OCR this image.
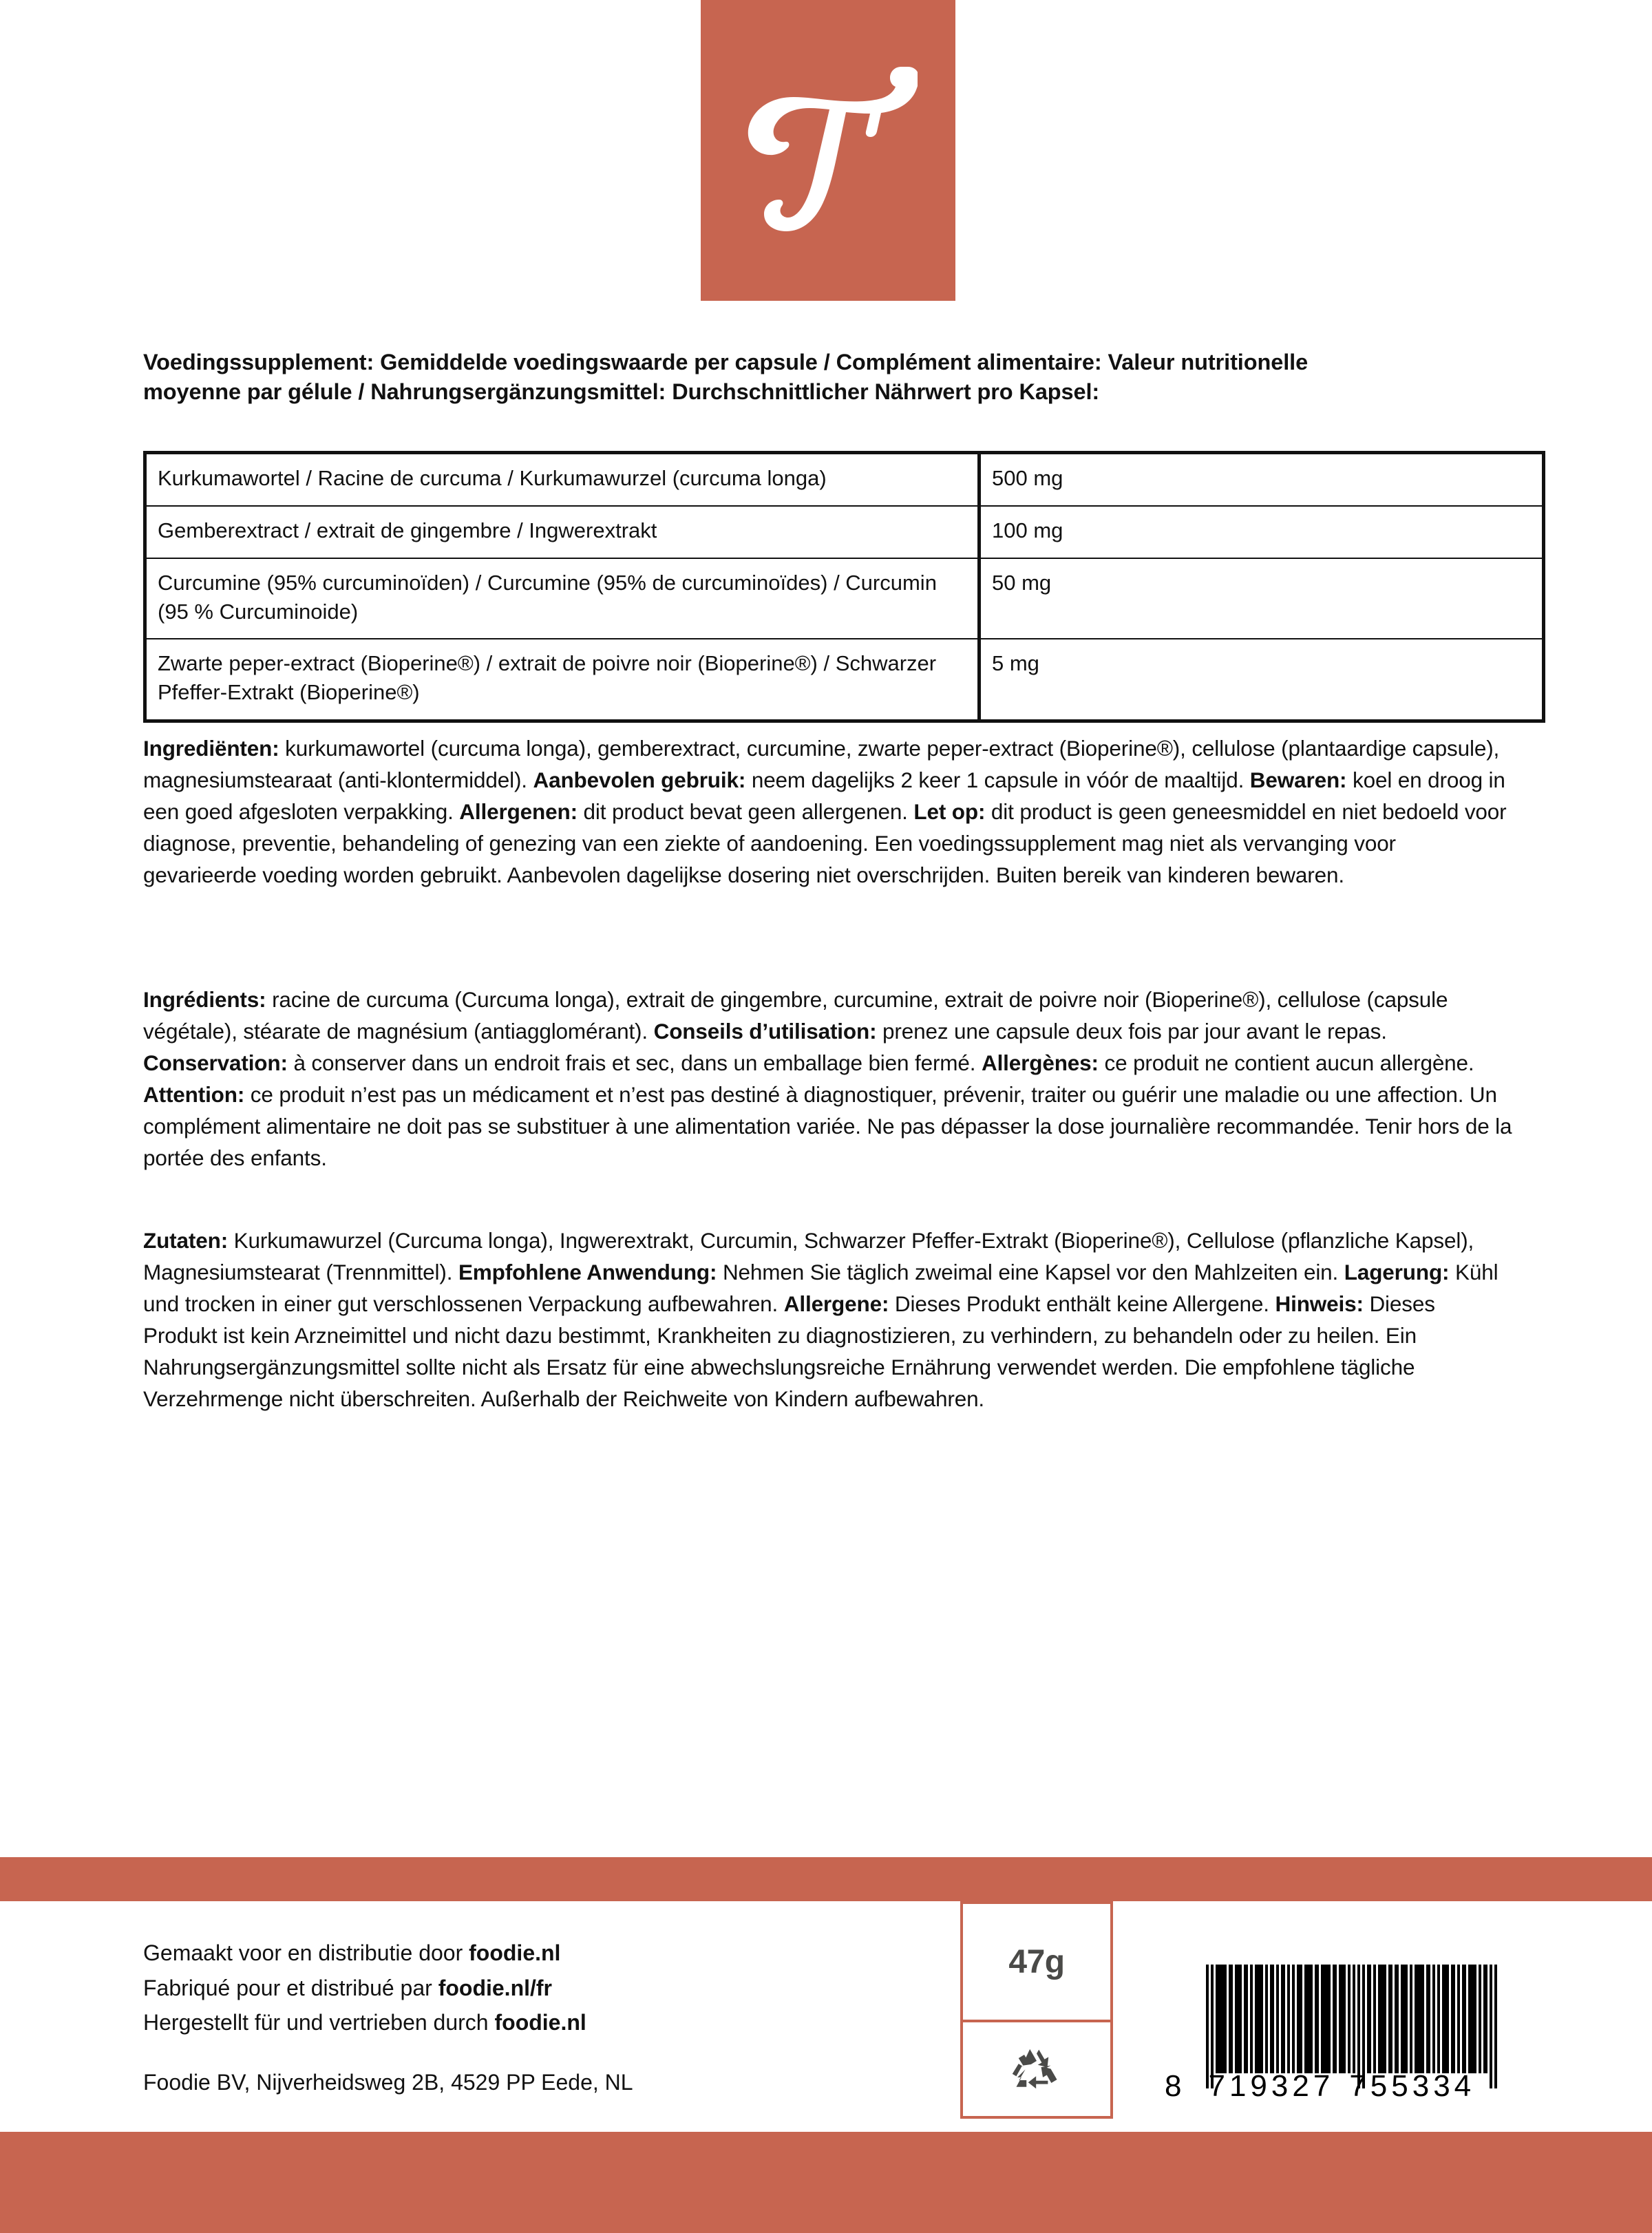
Voedingssupplement: Gemiddelde voedingswaarde per capsule / Complément alimentaire: Valeur nutritionelle moyenne par gélule / Nahrungsergänzungsmittel: Durchschnittlicher Nährwert pro Kapsel:
Kurkumawortel / Racine de curcuma / Kurkumawurzel (curcuma longa)	500 mg
Gemberextract / extrait de gingembre / Ingwerextrakt	100 mg
Curcumine (95% curcuminoïden) / Curcumine (95% de curcuminoïdes) / Curcumin (95 % Curcuminoide)	50 mg
Zwarte peper-extract (Bioperine®) / extrait de poivre noir (Bioperine®) / Schwarzer Pfeffer-Extrakt (Bioperine®)	5 mg
Ingrediënten: kurkumawortel (curcuma longa), gemberextract, curcumine, zwarte peper-extract (Bioperine®), cellulose (plantaardige capsule), magnesiumstearaat (anti-klontermiddel). Aanbevolen gebruik: neem dagelijks 2 keer 1 capsule in vóór de maaltijd. Bewaren: koel en droog in een goed afgesloten verpakking. Allergenen: dit product bevat geen allergenen. Let op: dit product is geen geneesmiddel en niet bedoeld voor diagnose, preventie, behandeling of genezing van een ziekte of aandoening. Een voedingssupplement mag niet als vervanging voor gevarieerde voeding worden gebruikt. Aanbevolen dagelijkse dosering niet overschrijden. Buiten bereik van kinderen bewaren.
Ingrédients: racine de curcuma (Curcuma longa), extrait de gingembre, curcumine, extrait de poivre noir (Bioperine®), cellulose (capsule végétale), stéarate de magnésium (antiagglomérant). Conseils d’utilisation: prenez une capsule deux fois par jour avant le repas. Conservation: à conserver dans un endroit frais et sec, dans un emballage bien fermé. Allergènes: ce produit ne contient aucun allergène. Attention: ce produit n’est pas un médicament et n’est pas destiné à diagnostiquer, prévenir, traiter ou guérir une maladie ou une affection. Un complément alimentaire ne doit pas se substituer à une alimentation variée. Ne pas dépasser la dose journalière recommandée. Tenir hors de la portée des enfants.
Zutaten: Kurkumawurzel (Curcuma longa), Ingwerextrakt, Curcumin, Schwarzer Pfeffer-Extrakt (Bioperine®), Cellulose (pflanzliche Kapsel), Magnesiumstearat (Trennmittel). Empfohlene Anwendung: Nehmen Sie täglich zweimal eine Kapsel vor den Mahlzeiten ein. Lagerung: Kühl und trocken in einer gut verschlossenen Verpackung aufbewahren. Allergene: Dieses Produkt enthält keine Allergene. Hinweis: Dieses Produkt ist kein Arzneimittel und nicht dazu bestimmt, Krankheiten zu diagnostizieren, zu verhindern, zu behandeln oder zu heilen. Ein Nahrungsergänzungsmittel sollte nicht als Ersatz für eine abwechslungsreiche Ernährung verwendet werden. Die empfohlene tägliche Verzehrmenge nicht überschreiten. Außerhalb der Reichweite von Kindern aufbewahren.
Gemaakt voor en distributie door foodie.nl
Fabriqué pour et distribué par foodie.nl/fr
Hergestellt für und vertrieben durch foodie.nl
Foodie BV, Nijverheidsweg 2B, 4529 PP Eede, NL
47g
8 719327 755334
